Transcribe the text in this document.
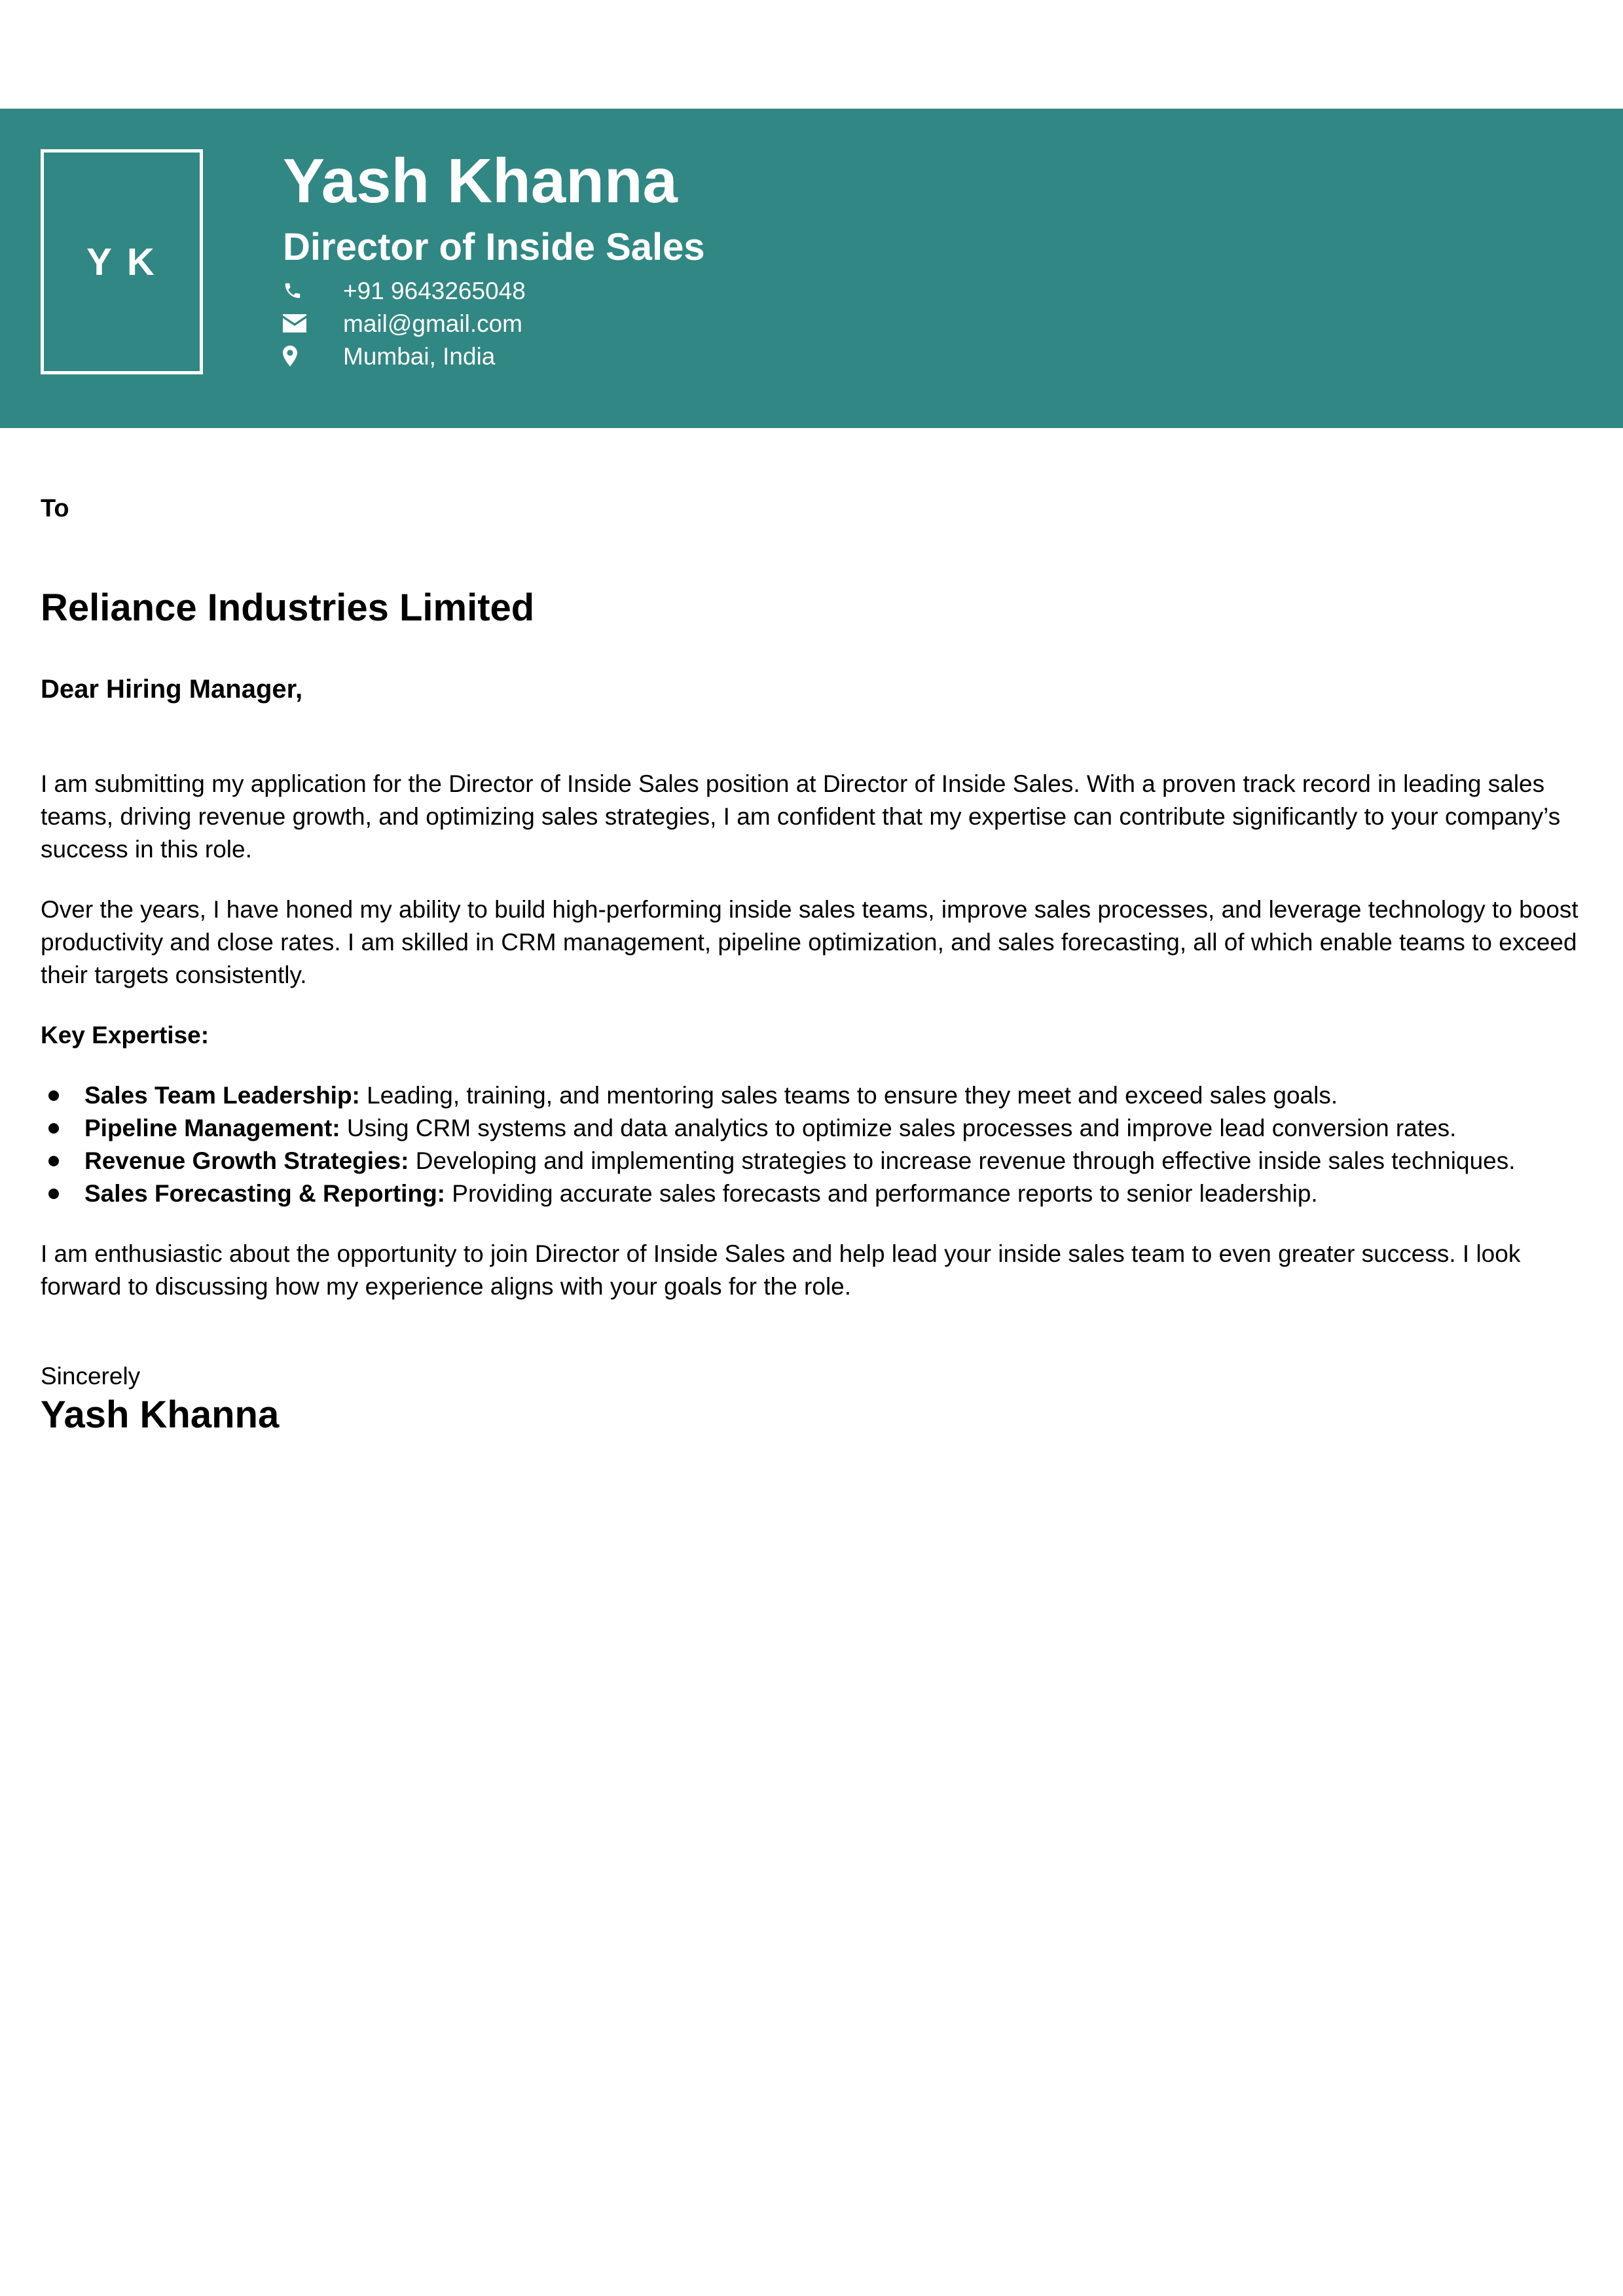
Y K
Yash Khanna
Director of Inside Sales
+91 9643265048
mail@gmail.com
Mumbai, India
To
Reliance Industries Limited
Dear Hiring Manager,

I am submitting my application for the Director of Inside Sales position at Director of Inside Sales. With a proven track record in leading sales teams, driving revenue growth, and optimizing sales strategies, I am confident that my expertise can contribute significantly to your company’s success in this role.

Over the years, I have honed my ability to build high-performing inside sales teams, improve sales processes, and leverage technology to boost productivity and close rates. I am skilled in CRM management, pipeline optimization, and sales forecasting, all of which enable teams to exceed their targets consistently.

Key Expertise:

Sales Team Leadership: Leading, training, and mentoring sales teams to ensure they meet and exceed sales goals.
Pipeline Management: Using CRM systems and data analytics to optimize sales processes and improve lead conversion rates.
Revenue Growth Strategies: Developing and implementing strategies to increase revenue through effective inside sales techniques.
Sales Forecasting & Reporting: Providing accurate sales forecasts and performance reports to senior leadership.

I am enthusiastic about the opportunity to join Director of Inside Sales and help lead your inside sales team to even greater success. I look forward to discussing how my experience aligns with your goals for the role.

Sincerely
Yash Khanna
